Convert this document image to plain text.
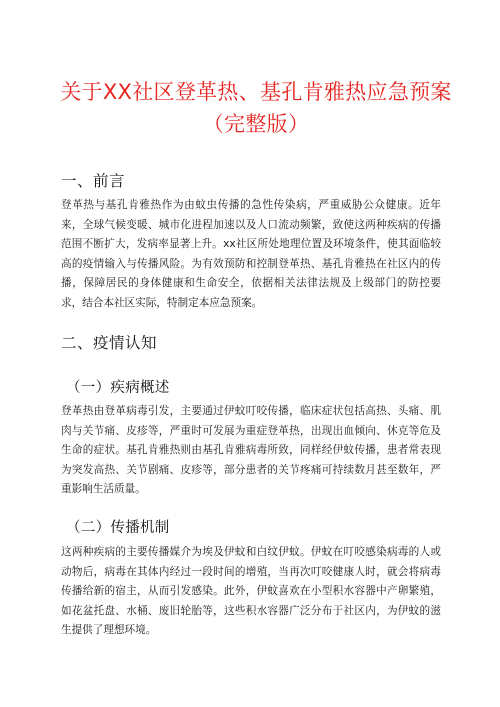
关于XX社区登革热、基孔肯雅热应急预案（完整版）
一、前言

登革热与基孔肯雅热作为由蚊虫传播的急性传染病，严重威胁公众健康。近年来，全球气候变暖、城市化进程加速以及人口流动频繁，致使这两种疾病的传播范围不断扩大，发病率显著上升。xx社区所处地理位置及环境条件，使其面临较高的疫情输入与传播风险。为有效预防和控制登革热、基孔肯雅热在社区内的传播，保障居民的身体健康和生命安全，依据相关法律法规及上级部门的防控要求，结合本社区实际，特制定本应急预案。

二、疫情认知
（一）疾病概述

登革热由登革病毒引发，主要通过伊蚊叮咬传播，临床症状包括高热、头痛、肌肉与关节痛、皮疹等，严重时可发展为重症登革热，出现出血倾向、休克等危及生命的症状。基孔肯雅热则由基孔肯雅病毒所致，同样经伊蚊传播，患者常表现为突发高热、关节剧痛、皮疹等，部分患者的关节疼痛可持续数月甚至数年，严重影响生活质量。

（二）传播机制

这两种疾病的主要传播媒介为埃及伊蚊和白纹伊蚊。伊蚊在叮咬感染病毒的人或动物后，病毒在其体内经过一段时间的增殖，当再次叮咬健康人时，就会将病毒传播给新的宿主，从而引发感染。此外，伊蚊喜欢在小型积水容器中产卵繁殖，如花盆托盘、水桶、废旧轮胎等，这些积水容器广泛分布于社区内，为伊蚊的滋生提供了理想环境。
